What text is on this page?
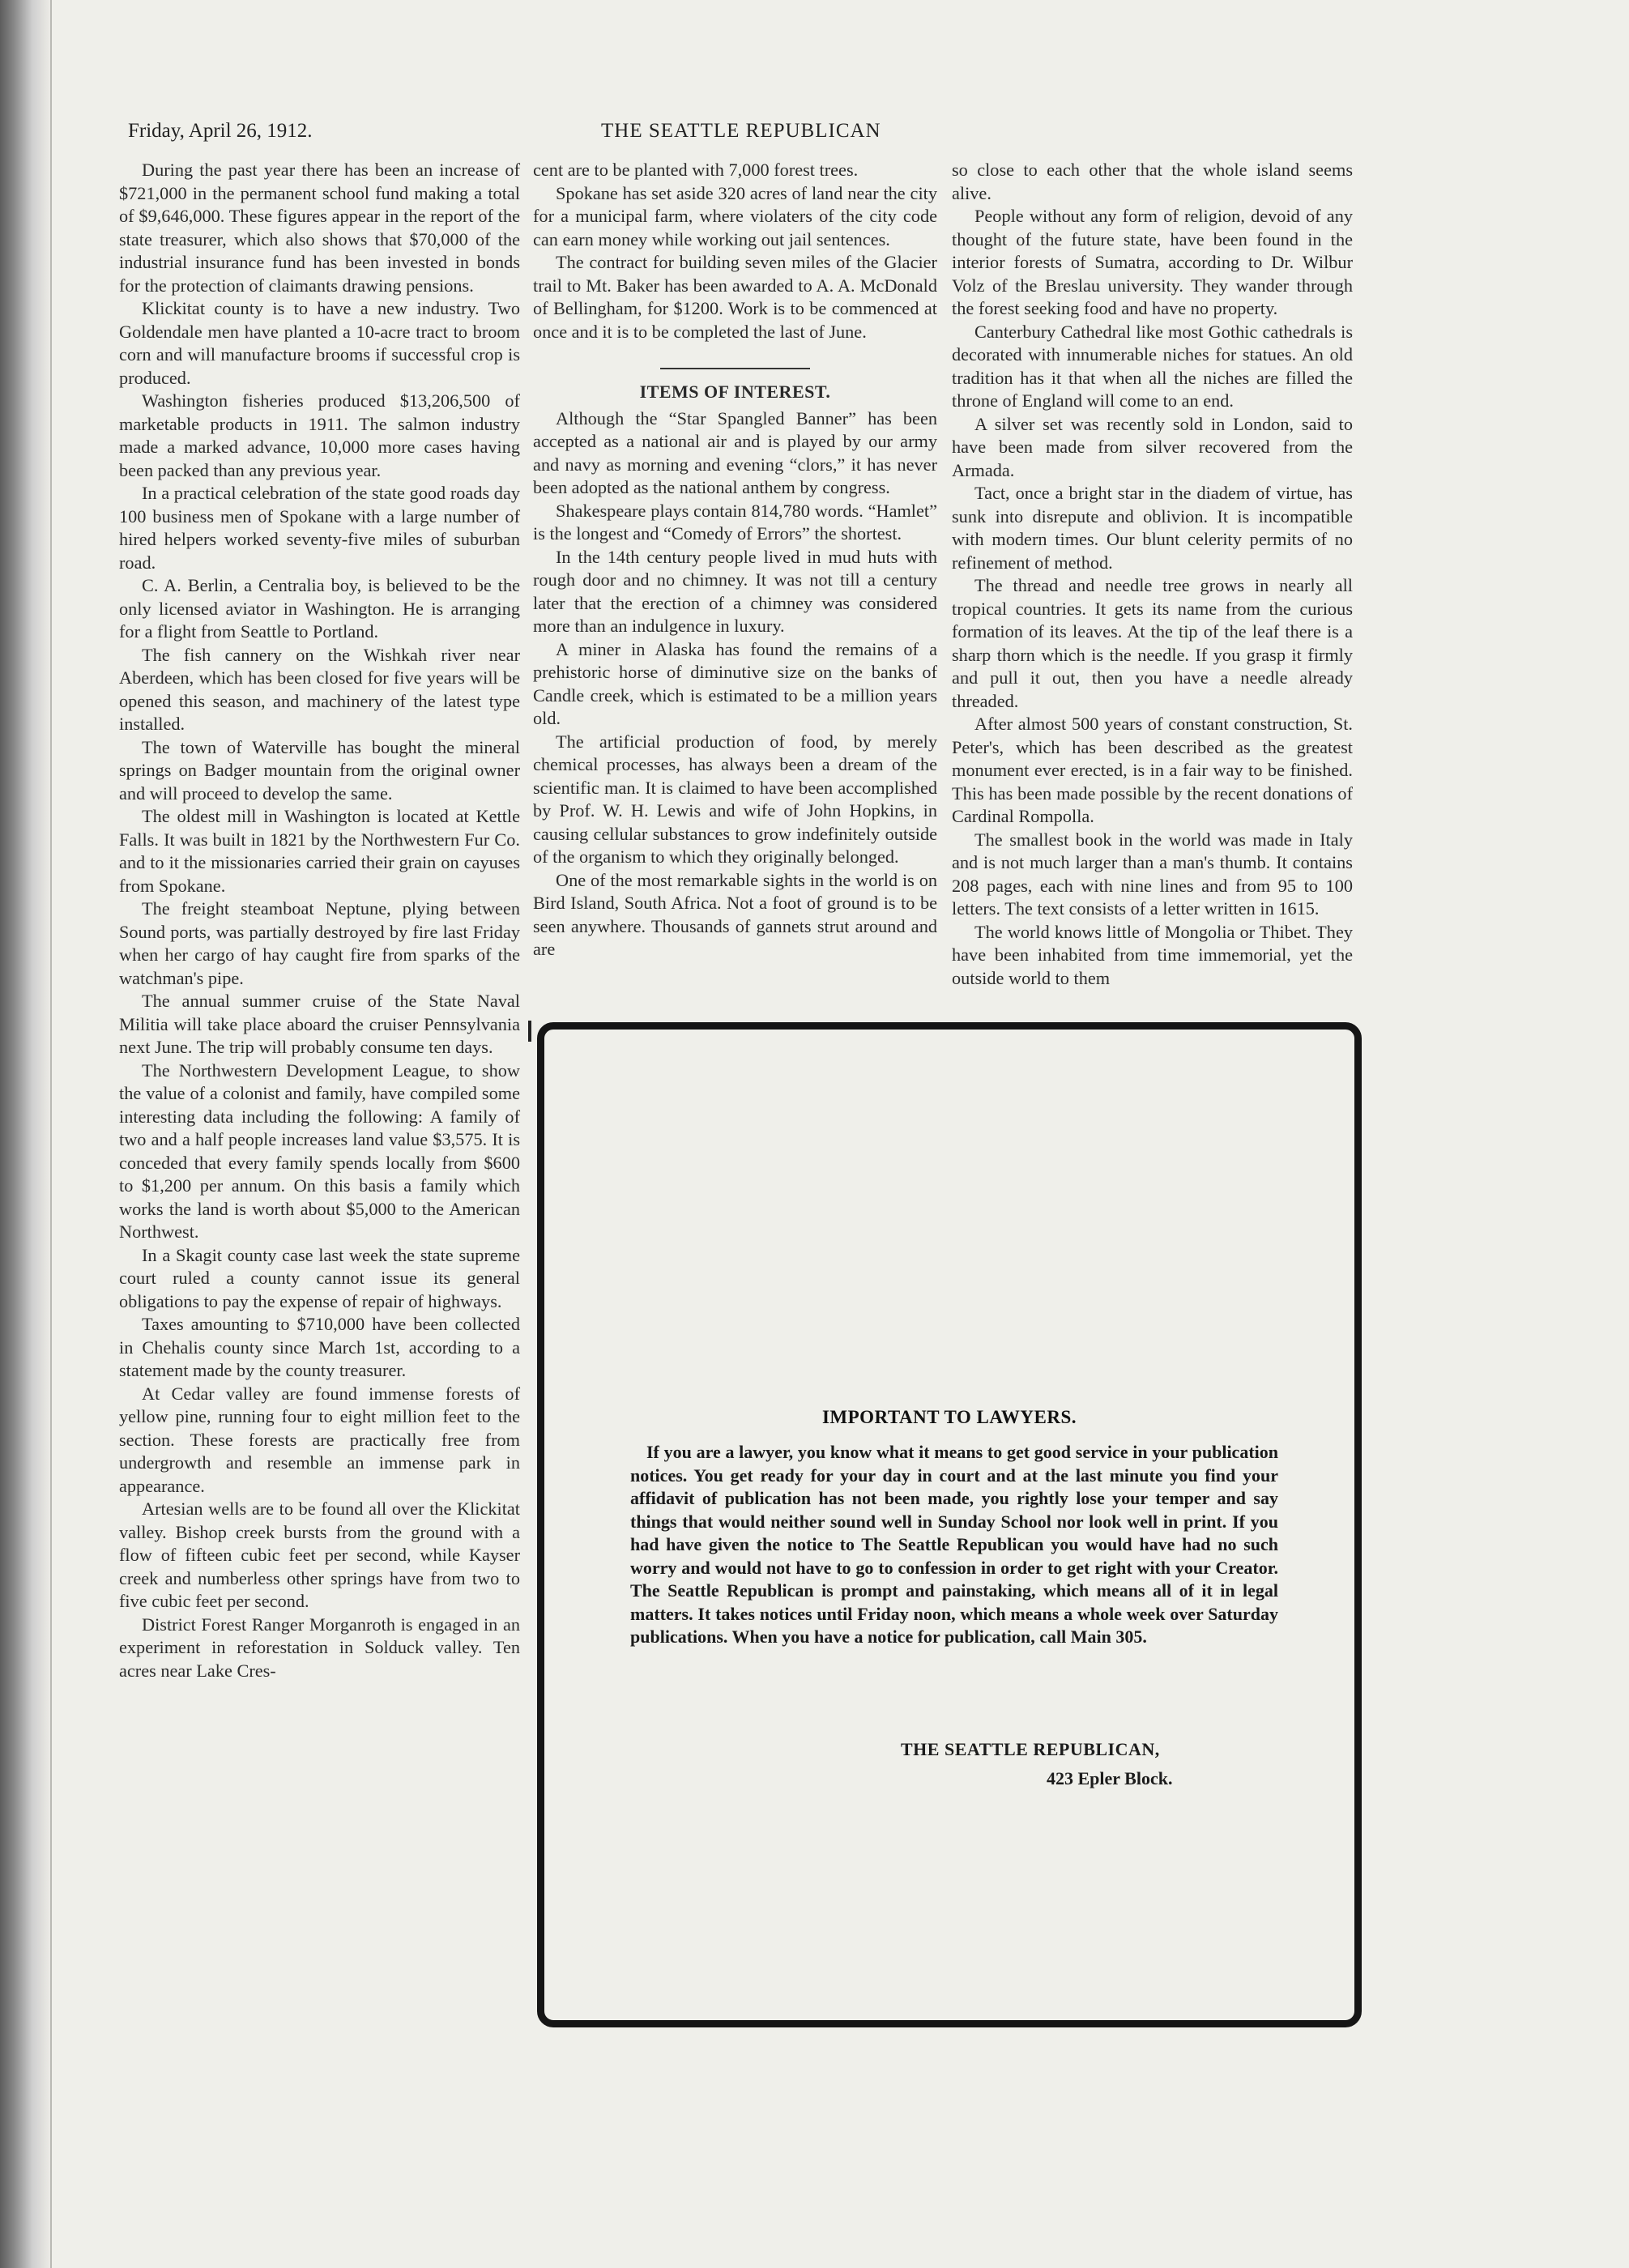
Friday, April 26, 1912.	THE SEATTLE REPUBLICAN

During the past year there has been an increase of $721,000 in the permanent school fund making a total of $9,646,000. These figures appear in the report of the state treasurer, which also shows that $70,000 of the industrial insurance fund has been invested in bonds for the protection of claimants drawing pensions.

Klickitat county is to have a new industry. Two Goldendale men have planted a 10-acre tract to broom corn and will manufacture brooms if successful crop is produced.

Washington fisheries produced $13,206,500 of marketable products in 1911. The salmon industry made a marked advance, 10,000 more cases having been packed than any previous year.

In a practical celebration of the state good roads day 100 business men of Spokane with a large number of hired helpers worked seventy-five miles of suburban road.

C. A. Berlin, a Centralia boy, is believed to be the only licensed aviator in Washington. He is arranging for a flight from Seattle to Portland.

The fish cannery on the Wishkah river near Aberdeen, which has been closed for five years will be opened this season, and machinery of the latest type installed.

The town of Waterville has bought the mineral springs on Badger mountain from the original owner and will proceed to develop the same.

The oldest mill in Washington is located at Kettle Falls. It was built in 1821 by the Northwestern Fur Co. and to it the missionaries carried their grain on cayuses from Spokane.

The freight steamboat Neptune, plying between Sound ports, was partially destroyed by fire last Friday when her cargo of hay caught fire from sparks of the watchman's pipe.

The annual summer cruise of the State Naval Militia will take place aboard the cruiser Pennsylvania next June. The trip will probably consume ten days.

The Northwestern Development League, to show the value of a colonist and family, have compiled some interesting data including the following: A family of two and a half people increases land value $3,575. It is conceded that every family spends locally from $600 to $1,200 per annum. On this basis a family which works the land is worth about $5,000 to the American Northwest.

In a Skagit county case last week the state supreme court ruled a county cannot issue its general obligations to pay the expense of repair of highways.

Taxes amounting to $710,000 have been collected in Chehalis county since March 1st, according to a statement made by the county treasurer.

At Cedar valley are found immense forests of yellow pine, running four to eight million feet to the section. These forests are practically free from undergrowth and resemble an immense park in appearance.

Artesian wells are to be found all over the Klickitat valley. Bishop creek bursts from the ground with a flow of fifteen cubic feet per second, while Kayser creek and numberless other springs have from two to five cubic feet per second.

District Forest Ranger Morganroth is engaged in an experiment in reforestation in Solduck valley. Ten acres near Lake Cres-

cent are to be planted with 7,000 forest trees.

Spokane has set aside 320 acres of land near the city for a municipal farm, where violaters of the city code can earn money while working out jail sentences.

The contract for building seven miles of the Glacier trail to Mt. Baker has been awarded to A. A. McDonald of Bellingham, for $1200. Work is to be commenced at once and it is to be completed the last of June.

ITEMS OF INTEREST.

Although the “Star Spangled Banner” has been accepted as a national air and is played by our army and navy as morning and evening “clors,” it has never been adopted as the national anthem by congress.

Shakespeare plays contain 814,780 words. “Hamlet” is the longest and “Comedy of Errors” the shortest.

In the 14th century people lived in mud huts with rough door and no chimney. It was not till a century later that the erection of a chimney was considered more than an indulgence in luxury.

A miner in Alaska has found the remains of a prehistoric horse of diminutive size on the banks of Candle creek, which is estimated to be a million years old.

The artificial production of food, by merely chemical processes, has always been a dream of the scientific man. It is claimed to have been accomplished by Prof. W. H. Lewis and wife of John Hopkins, in causing cellular substances to grow indefinitely outside of the organism to which they originally belonged.

One of the most remarkable sights in the world is on Bird Island, South Africa. Not a foot of ground is to be seen anywhere. Thousands of gannets strut around and are

so close to each other that the whole island seems alive.

People without any form of religion, devoid of any thought of the future state, have been found in the interior forests of Sumatra, according to Dr. Wilbur Volz of the Breslau university. They wander through the forest seeking food and have no property.

Canterbury Cathedral like most Gothic cathedrals is decorated with innumerable niches for statues. An old tradition has it that when all the niches are filled the throne of England will come to an end.

A silver set was recently sold in London, said to have been made from silver recovered from the Armada.

Tact, once a bright star in the diadem of virtue, has sunk into disrepute and oblivion. It is incompatible with modern times. Our blunt celerity permits of no refinement of method.

The thread and needle tree grows in nearly all tropical countries. It gets its name from the curious formation of its leaves. At the tip of the leaf there is a sharp thorn which is the needle. If you grasp it firmly and pull it out, then you have a needle already threaded.

After almost 500 years of constant construction, St. Peter's, which has been described as the greatest monument ever erected, is in a fair way to be finished. This has been made possible by the recent donations of Cardinal Rompolla.

The smallest book in the world was made in Italy and is not much larger than a man's thumb. It contains 208 pages, each with nine lines and from 95 to 100 letters. The text consists of a letter written in 1615.

The world knows little of Mongolia or Thibet. They have been inhabited from time immemorial, yet the outside world to them

IMPORTANT TO LAWYERS.
If you are a lawyer, you know what it means to get good service in your publication notices. You get ready for your day in court and at the last minute you find your affidavit of publication has not been made, you rightly lose your temper and say things that would neither sound well in Sunday School nor look well in print. If you had have given the notice to The Seattle Republican you would have had no such worry and would not have to go to confession in order to get right with your Creator. The Seattle Republican is prompt and painstaking, which means all of it in legal matters. It takes notices until Friday noon, which means a whole week over Saturday publications. When you have a notice for publication, call Main 305.
THE SEATTLE REPUBLICAN,
423 Epler Block.
